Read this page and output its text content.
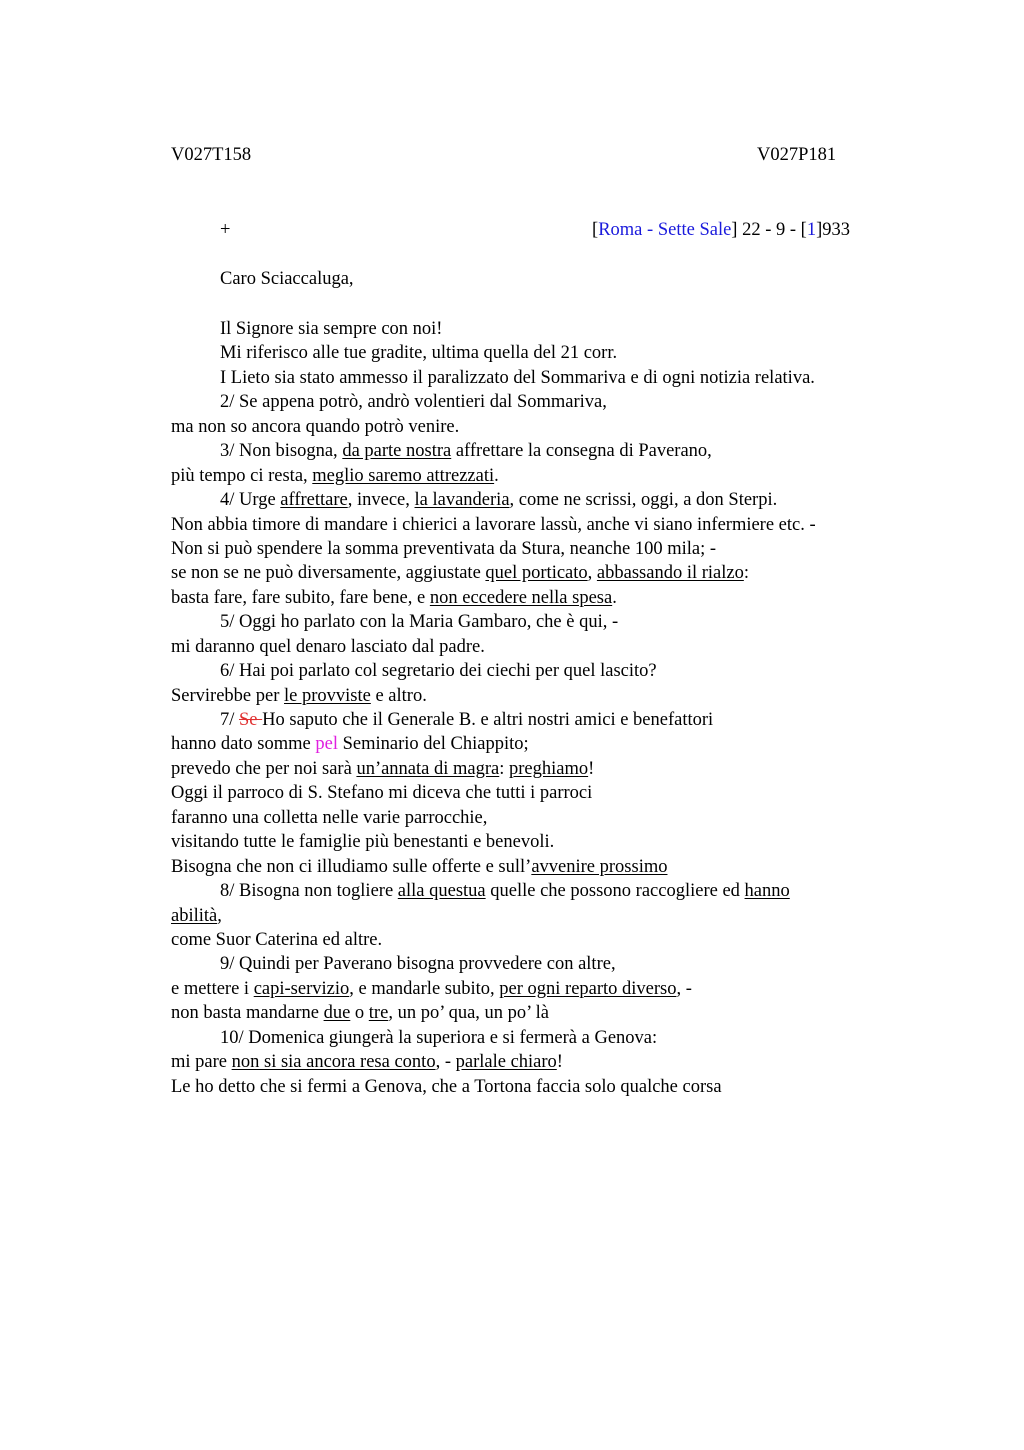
V027T158	V027P181
+	[Roma - Sette Sale] 22 - 9 - [1]933
Caro Sciaccaluga,
Il Signore sia sempre con noi!
Mi riferisco alle tue gradite, ultima quella del 21 corr.
I Lieto sia stato ammesso il paralizzato del Sommariva e di ogni notizia relativa.
2/ Se appena potrò, andrò volentieri dal Sommariva,
ma non so ancora quando potrò venire.
3/ Non bisogna, da parte nostra affrettare la consegna di Paverano,
più tempo ci resta, meglio saremo attrezzati.
4/ Urge affrettare, invece, la lavanderia, come ne scrissi, oggi, a don Sterpi.
Non abbia timore di mandare i chierici a lavorare lassù, anche vi siano infermiere etc. -
Non si può spendere la somma preventivata da Stura, neanche 100 mila; -
se non se ne può diversamente, aggiustate quel porticato, abbassando il rialzo:
basta fare, fare subito, fare bene, e non eccedere nella spesa.
5/ Oggi ho parlato con la Maria Gambaro, che è qui, -
mi daranno quel denaro lasciato dal padre.
6/ Hai poi parlato col segretario dei ciechi per quel lascito?
Servirebbe per le provviste e altro.
7/ Se Ho saputo che il Generale B. e altri nostri amici e benefattori
hanno dato somme pel Seminario del Chiappito;
prevedo che per noi sarà un’annata di magra: preghiamo!
Oggi il parroco di S. Stefano mi diceva che tutti i parroci
faranno una colletta nelle varie parrocchie,
visitando tutte le famiglie più benestanti e benevoli.
Bisogna che non ci illudiamo sulle offerte e sull’avvenire prossimo
8/ Bisogna non togliere alla questua quelle che possono raccogliere ed hanno
abilità,
come Suor Caterina ed altre.
9/ Quindi per Paverano bisogna provvedere con altre,
e mettere i capi-servizio, e mandarle subito, per ogni reparto diverso, -
non basta mandarne due o tre, un po’ qua, un po’ là
10/ Domenica giungerà la superiora e si fermerà a Genova:
mi pare non si sia ancora resa conto, - parlale chiaro!
Le ho detto che si fermi a Genova, che a Tortona faccia solo qualche corsa
